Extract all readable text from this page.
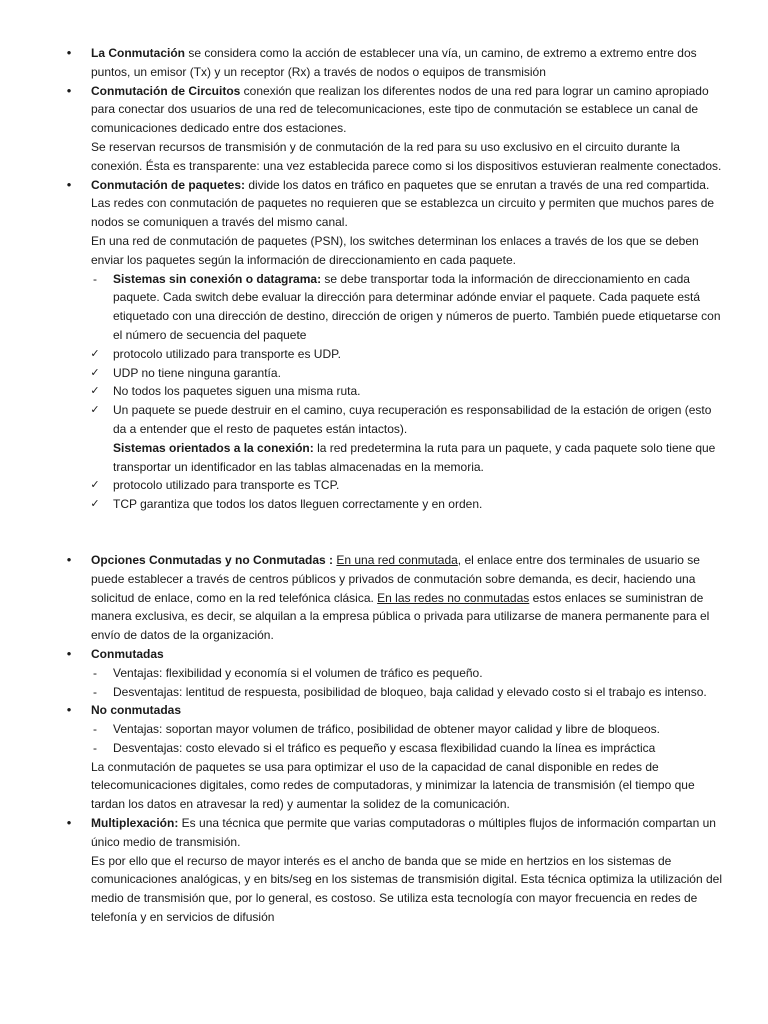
•	La Conmutación se considera como la acción de establecer una vía, un camino, de extremo a extremo entre dos puntos, un emisor (Tx) y un receptor (Rx) a través de nodos o equipos de transmisión

•	Conmutación de Circuitos conexión que realizan los diferentes nodos de una red para lograr un camino apropiado para conectar dos usuarios de una red de telecomunicaciones, este tipo de conmutación se establece un canal de comunicaciones dedicado entre dos estaciones.

Se reservan recursos de transmisión y de conmutación de la red para su uso exclusivo en el circuito durante la conexión. Ésta es transparente: una vez establecida parece como si los dispositivos estuvieran realmente conectados.

•	Conmutación de paquetes: divide los datos en tráfico en paquetes que se enrutan a través de una red compartida. Las redes con conmutación de paquetes no requieren que se establezca un circuito y permiten que muchos pares de nodos se comuniquen a través del mismo canal.

En una red de conmutación de paquetes (PSN), los switches determinan los enlaces a través de los que se deben enviar los paquetes según la información de direccionamiento en cada paquete.

-	Sistemas sin conexión o datagrama: se debe transportar toda la información de direccionamiento en cada paquete. Cada switch debe evaluar la dirección para determinar adónde enviar el paquete. Cada paquete está etiquetado con una dirección de destino, dirección de origen y números de puerto. También puede etiquetarse con el número de secuencia del paquete

✓ protocolo utilizado para transporte es UDP.

✓ UDP no tiene ninguna garantía.

✓ No todos los paquetes siguen una misma ruta.

✓ Un paquete se puede destruir en el camino, cuya recuperación es responsabilidad de la estación de origen (esto da a entender que el resto de paquetes están intactos).

Sistemas orientados a la conexión: la red predetermina la ruta para un paquete, y cada paquete solo tiene que transportar un identificador en las tablas almacenadas en la memoria.

✓ protocolo utilizado para transporte es TCP.

✓ TCP garantiza que todos los datos lleguen correctamente y en orden.

•	Opciones Conmutadas y no Conmutadas : En una red conmutada, el enlace entre dos terminales de usuario se puede establecer a través de centros públicos y privados de conmutación sobre demanda, es decir, haciendo una solicitud de enlace, como en la red telefónica clásica. En las redes no conmutadas estos enlaces se suministran de manera exclusiva, es decir, se alquilan a la empresa pública o privada para utilizarse de manera permanente para el envío de datos de la organización.

•	Conmutadas

-	Ventajas: flexibilidad y economía si el volumen de tráfico es pequeño.

-	Desventajas: lentitud de respuesta, posibilidad de bloqueo, baja calidad y elevado costo si el trabajo es intenso.

•	No conmutadas

-	Ventajas: soportan mayor volumen de tráfico, posibilidad de obtener mayor calidad y libre de bloqueos.

-	Desventajas: costo elevado si el tráfico es pequeño y escasa flexibilidad cuando la línea es impráctica

La conmutación de paquetes se usa para optimizar el uso de la capacidad de canal disponible en redes de telecomunicaciones digitales, como redes de computadoras, y minimizar la latencia de transmisión (el tiempo que tardan los datos en atravesar la red) y aumentar la solidez de la comunicación.

•	Multiplexación: Es una técnica que permite que varias computadoras o múltiples flujos de información compartan un único medio de transmisión.

Es por ello que el recurso de mayor interés es el ancho de banda que se mide en hertzios en los sistemas de comunicaciones analógicas, y en bits/seg en los sistemas de transmisión digital. Esta técnica optimiza la utilización del medio de transmisión que, por lo general, es costoso. Se utiliza esta tecnología con mayor frecuencia en redes de telefonía y en servicios de difusión
